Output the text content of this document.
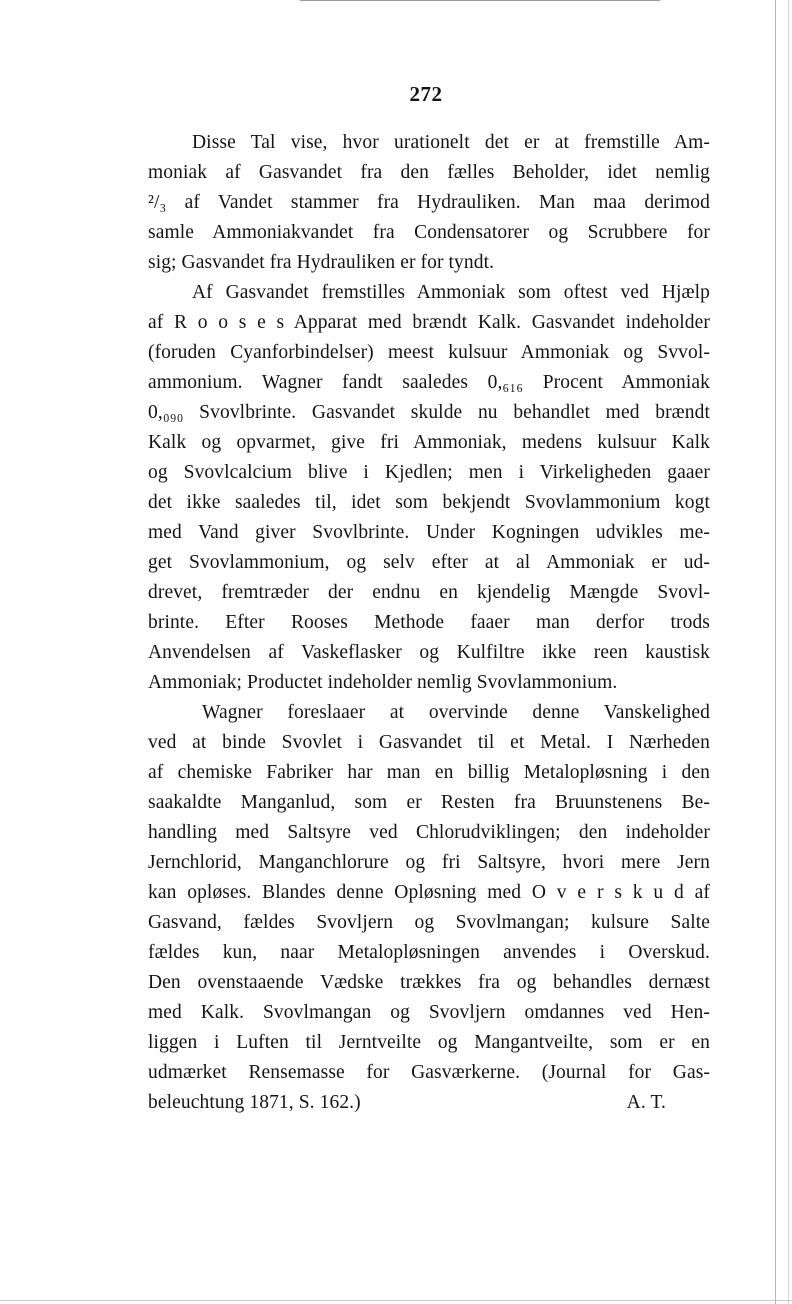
272
Disse Tal vise, hvor urationelt det er at fremstille Am-
moniak af Gasvandet fra den fælles Beholder, idet nemlig
²/₃ af Vandet stammer fra Hydrauliken. Man maa derimod
samle Ammoniakvandet fra Condensatorer og Scrubbere for
sig; Gasvandet fra Hydrauliken er for tyndt.
Af Gasvandet fremstilles Ammoniak som oftest ved Hjælp
af R o o s e s Apparat med brændt Kalk. Gasvandet indeholder
(foruden Cyanforbindelser) meest kulsuur Ammoniak og Svvol-
ammonium. Wagner fandt saaledes 0,₆₁₆ Procent Ammoniak
0,₀₉₀ Svovlbrinte. Gasvandet skulde nu behandlet med brændt
Kalk og opvarmet, give fri Ammoniak, medens kulsuur Kalk
og Svovlcalcium blive i Kjedlen; men i Virkeligheden gaaer
det ikke saaledes til, idet som bekjendt Svovlammonium kogt
med Vand giver Svovlbrinte. Under Kogningen udvikles me-
get Svovlammonium, og selv efter at al Ammoniak er ud-
drevet, fremtræder der endnu en kjendelig Mængde Svovl-
brinte. Efter Rooses Methode faaer man derfor trods
Anvendelsen af Vaskeflasker og Kulfiltre ikke reen kaustisk
Ammoniak; Productet indeholder nemlig Svovlammonium.
Wagner foreslaaer at overvinde denne Vanskelighed
ved at binde Svovlet i Gasvandet til et Metal. I Nærheden
af chemiske Fabriker har man en billig Metalopløsning i den
saakaldte Manganlud, som er Resten fra Bruunstenens Be-
handling med Saltsyre ved Chlorudviklingen; den indeholder
Jernchlorid, Manganchlorure og fri Saltsyre, hvori mere Jern
kan opløses. Blandes denne Opløsning med O v e r s k u d af
Gasvand, fældes Svovljern og Svovlmangan; kulsure Salte
fældes kun, naar Metalopløsningen anvendes i Overskud.
Den ovenstaaende Vædske trækkes fra og behandles dernæst
med Kalk. Svovlmangan og Svovljern omdannes ved Hen-
liggen i Luften til Jerntveilte og Mangantveilte, som er en
udmærket Rensemasse for Gasværkerne. (Journal for Gas-
beleuchtung 1871, S. 162.)	A. T.
